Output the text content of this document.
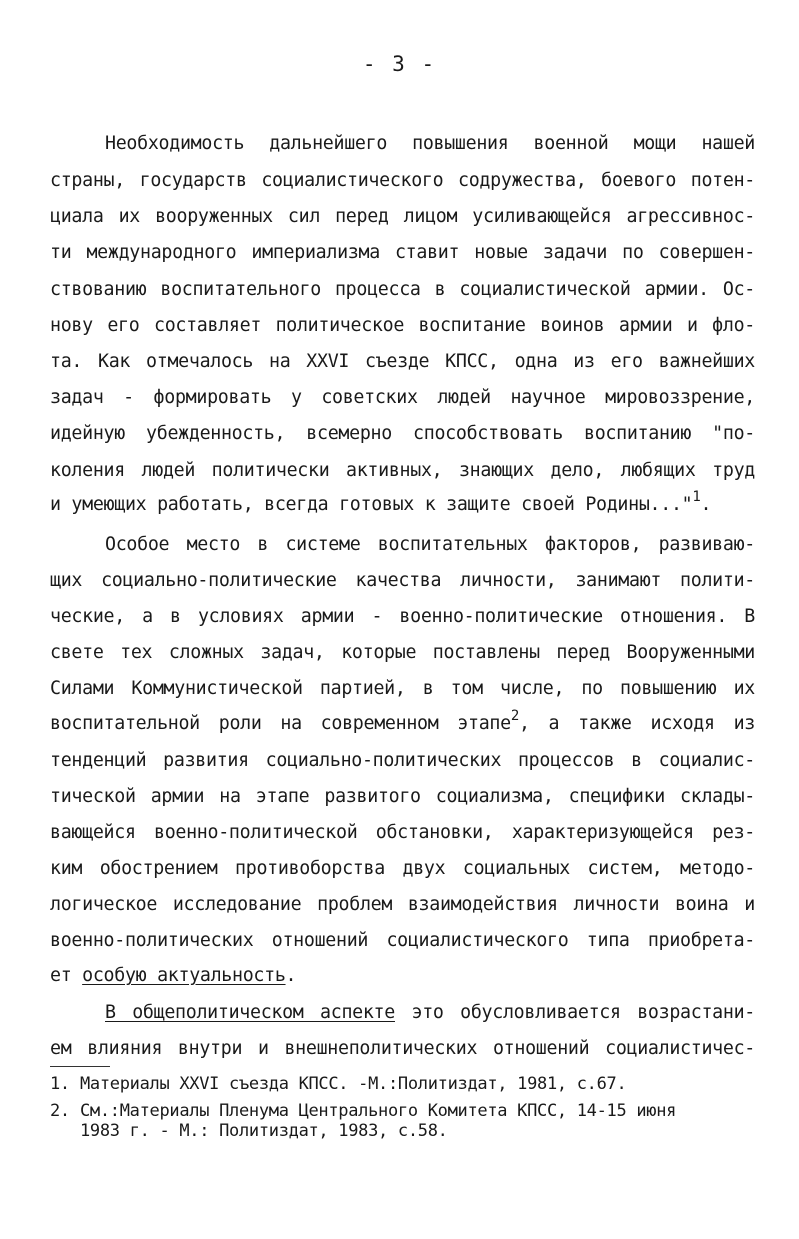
- 3 -
Необходимость дальнейшего повышения военной мощи нашей
страны, государств социалистического содружества, боевого потен-
циала их вооруженных сил перед лицом усиливающейся агрессивнос-
ти международного империализма ставит новые задачи по совершен-
ствованию воспитательного процесса в социалистической армии. Ос-
нову его составляет политическое воспитание воинов армии и фло-
та. Как отмечалось на XXVI съезде КПСС, одна из его важнейших
задач - формировать у советских людей научное мировоззрение,
идейную убежденность, всемерно способствовать воспитанию "по-
коления людей политически активных, знающих дело, любящих труд
и умеющих работать, всегда готовых к защите своей Родины..."$^1$.
Особое место в системе воспитательных факторов, развиваю-
щих социально-политические качества личности, занимают полити-
ческие, а в условиях армии - военно-политические отношения. В
свете тех сложных задач, которые поставлены перед Вооруженными
Силами Коммунистической партией, в том числе, по повышению их
воспитательной роли на современном этапе$^2$, а также исходя из
тенденций развития социально-политических процессов в социалис-
тической армии на этапе развитого социализма, специфики склады-
вающейся военно-политической обстановки, характеризующейся рез-
ким обострением противоборства двух социальных систем, методо-
логическое исследование проблем взаимодействия личности воина и
военно-политических отношений социалистического типа приобрета-
ет особую актуальность.
В общеполитическом аспекте это обусловливается возрастани-
ем влияния внутри и внешнеполитических отношений социалистичес-
1. Материалы XXVI съезда КПСС. -М.:Политиздат, 1981, с.67.
2. См.:Материалы Пленума Центрального Комитета КПСС, 14-15 июня
1983 г. - М.: Политиздат, 1983, с.58.
